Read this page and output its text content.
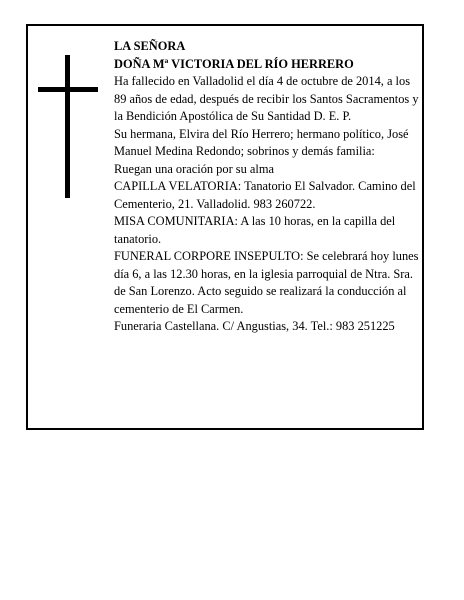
LA SEÑORA

DOÑA Mª VICTORIA DEL RÍO HERRERO

Ha fallecido en Valladolid el día 4 de octubre de 2014, a los 89 años de edad, después de recibir los Santos Sacramentos y la Bendición Apostólica de Su Santidad D. E. P.

Su hermana, Elvira del Río Herrero; hermano político, José Manuel Medina Redondo; sobrinos y demás familia:

Ruegan una oración por su alma

CAPILLA VELATORIA: Tanatorio El Salvador. Camino del Cementerio, 21. Valladolid. 983 260722.

MISA COMUNITARIA: A las 10 horas, en la capilla del tanatorio.

FUNERAL CORPORE INSEPULTO: Se celebrará hoy lunes día 6, a las 12.30 horas, en la iglesia parroquial de Ntra. Sra. de San Lorenzo. Acto seguido se realizará la conducción al cementerio de El Carmen.

Funeraria Castellana. C/ Angustias, 34. Tel.: 983 251225
